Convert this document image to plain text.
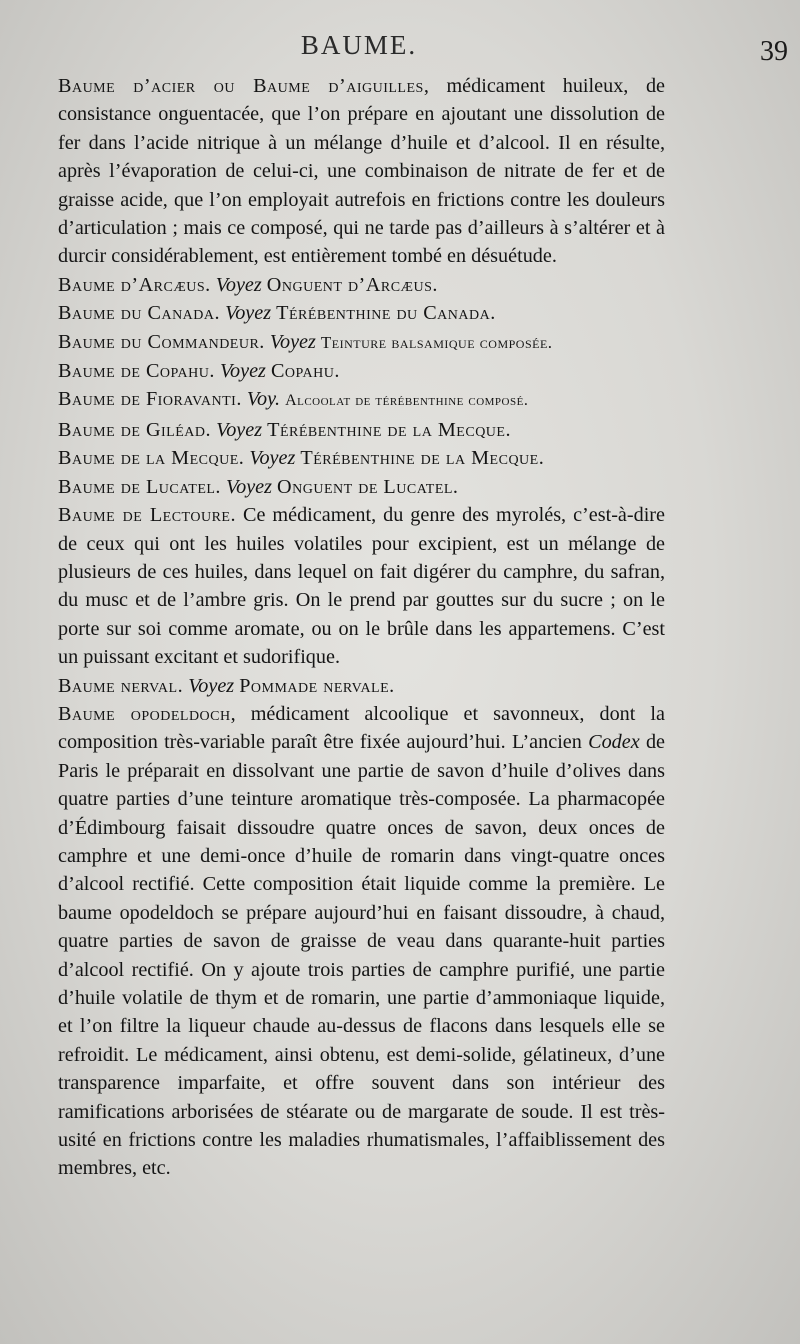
BAUME.	39

Baume d’acier ou Baume d’aiguilles, médicament huileux, de consistance onguentacée, que l’on prépare en ajoutant une dissolution de fer dans l’acide nitrique à un mélange d’huile et d’alcool. Il en résulte, après l’évaporation de celui-ci, une combinaison de nitrate de fer et de graisse acide, que l’on employait autrefois en frictions contre les douleurs d’articulation ; mais ce composé, qui ne tarde pas d’ailleurs à s’altérer et à durcir considérablement, est entièrement tombé en désuétude.

Baume d’Arcæus. Voyez Onguent d’Arcæus.

Baume du Canada. Voyez Térébenthine du Canada.

Baume du Commandeur. Voyez Teinture balsamique composée.

Baume de Copahu. Voyez Copahu.

Baume de Fioravanti. Voy. Alcoolat de térébenthine composé.

Baume de Giléad. Voyez Térébenthine de la Mecque.

Baume de la Mecque. Voyez Térébenthine de la Mecque.

Baume de Lucatel. Voyez Onguent de Lucatel.

Baume de Lectoure. Ce médicament, du genre des myrolés, c’est-à-dire de ceux qui ont les huiles volatiles pour excipient, est un mélange de plusieurs de ces huiles, dans lequel on fait digérer du camphre, du safran, du musc et de l’ambre gris. On le prend par gouttes sur du sucre ; on le porte sur soi comme aromate, ou on le brûle dans les appartemens. C’est un puissant excitant et sudorifique.

Baume nerval. Voyez Pommade nervale.

Baume opodeldoch, médicament alcoolique et savonneux, dont la composition très-variable paraît être fixée aujourd’hui. L’ancien Codex de Paris le préparait en dissolvant une partie de savon d’huile d’olives dans quatre parties d’une teinture aromatique très-composée. La pharmacopée d’Édimbourg faisait dissoudre quatre onces de savon, deux onces de camphre et une demi-once d’huile de romarin dans vingt-quatre onces d’alcool rectifié. Cette composition était liquide comme la première. Le baume opodeldoch se prépare aujourd’hui en faisant dissoudre, à chaud, quatre parties de savon de graisse de veau dans quarante-huit parties d’alcool rectifié. On y ajoute trois parties de camphre purifié, une partie d’huile volatile de thym et de romarin, une partie d’ammoniaque liquide, et l’on filtre la liqueur chaude au-dessus de flacons dans lesquels elle se refroidit. Le médicament, ainsi obtenu, est demi-solide, gélatineux, d’une transparence imparfaite, et offre souvent dans son intérieur des ramifications arborisées de stéarate ou de margarate de soude. Il est très-usité en frictions contre les maladies rhumatismales, l’affaiblissement des membres, etc.
